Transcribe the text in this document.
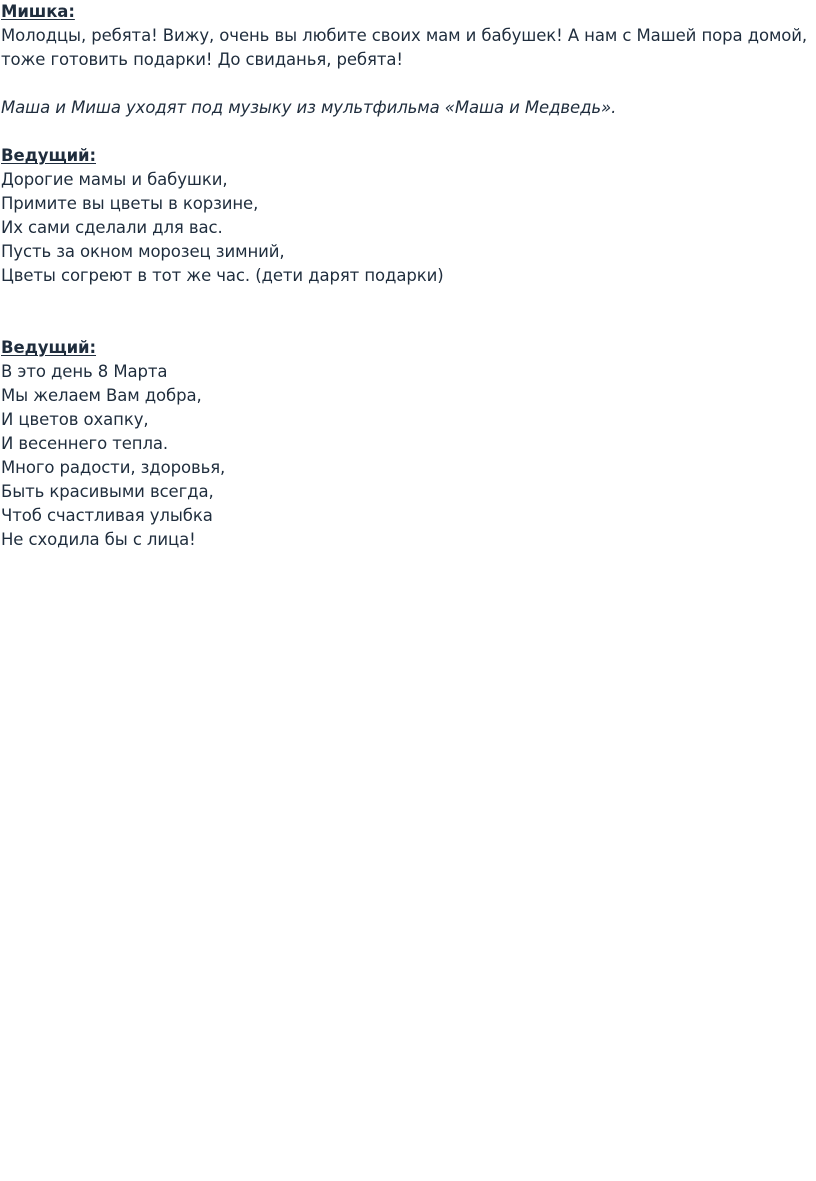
Мишка:
Молодцы, ребята! Вижу, очень вы любите своих мам и бабушек! А нам с Машей пора домой,
тоже готовить подарки! До свиданья, ребята!
Маша и Миша уходят под музыку из мультфильма «Маша и Медведь».
Ведущий:
Дорогие мамы и бабушки,
Примите вы цветы в корзине,
Их сами сделали для вас.
Пусть за окном морозец зимний,
Цветы согреют в тот же час. (дети дарят подарки)
Ведущий:
В это день 8 Марта
Мы желаем Вам добра,
И цветов охапку,
И весеннего тепла.
Много радости, здоровья,
Быть красивыми всегда,
Чтоб счастливая улыбка
Не сходила бы с лица!
